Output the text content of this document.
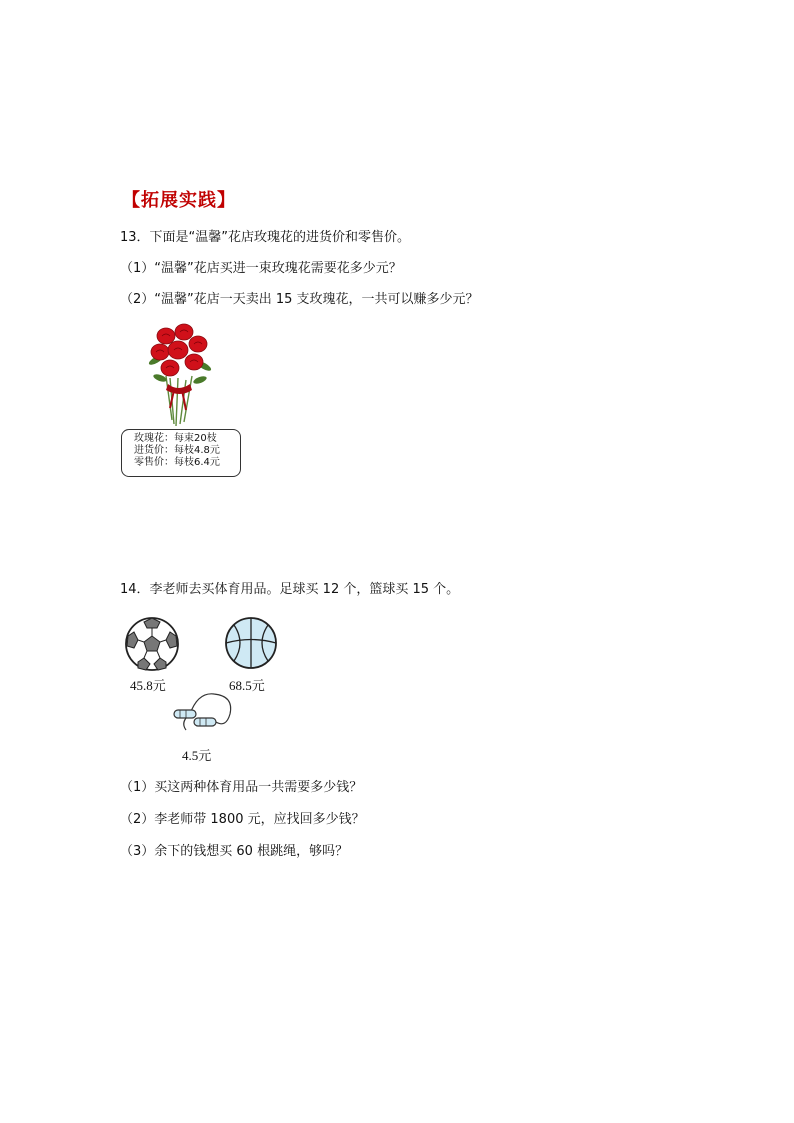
【拓展实践】
13．下面是“温馨”花店玫瑰花的进货价和零售价。
（1）“温馨”花店买进一束玫瑰花需要花多少元？
（2）“温馨”花店一天卖出 15 支玫瑰花，一共可以赚多少元？
玫瑰花：每束20枝
进货价：每枝4.8元
零售价：每枝6.4元
14．李老师去买体育用品。足球买 12 个，篮球买 15 个。
45.8元	68.5元
4.5元
（1）买这两种体育用品一共需要多少钱？
（2）李老师带 1800 元，应找回多少钱？
（3）余下的钱想买 60 根跳绳，够吗？
